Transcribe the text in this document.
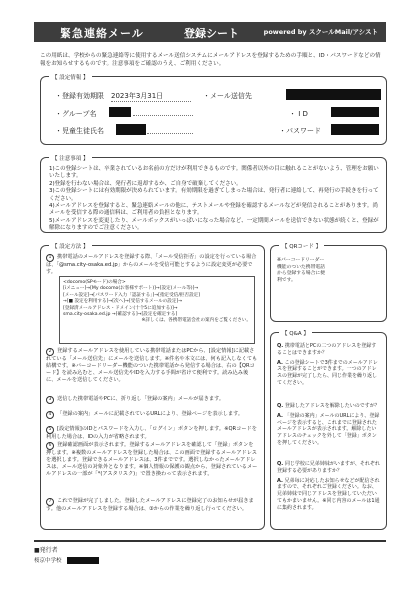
緊急連絡メール	登録シート	powered by スクールMail/アシスト
この用紙は、学校からの緊急連絡等に使用するメール送信システムにメールアドレスを登録するための手順と、ID・パスワードなどの情報をお知らせするものです。注意事項をご確認のうえ、ご利用ください。
【 設定情報 】
・登録有効期限 2023年3月31日	・メール送信先
・グループ名	・ I D
・児童生徒氏名	・パスワード
【 注意事項 】

1)この登録シートは、卒業されているお名前の方だけが利用できるものです。関係者以外の目に触れることがないよう、管理をお願いいたします。

2)登録を行わない場合は、発行者に返却するか、ご自身で破棄してください。

3)この登録シートには有効期限が決められています。有効期限を過ぎてしまった場合は、発行者に連絡して、再発行の手続きを行ってください。

4)メールアドレスを登録すると、緊急連絡メールの他に、テストメールや登録を確認するメールなどが発信されることがあります。尚メールを受信する際の通信料は、ご利用者の負担となります。

5)メールアドレスを変更したり、メールボックスがいっぱいになった場合など、一定期間メールを送信できない状態が続くと、登録が解除になりますのでご注意ください。

【 設定方法 】
1 携帯電話のメールアドレスを登録する際、「メール受信拒否」の設定を行っている場合は、「@sma.city-osaka.ed.jp」からのメールを受信可能とするように設定変更が必要です。

<docomo(SPモード)の場合>

[iメニュー]→[My docomo(お客様サポート)]→[設定(メール等)]→

[メール設定]→[パスワード入力「認証する」]→[指定受信/拒否設定]

→[■ 設定を利用する]→[次へ]→[受信するメールの設定]→

[登録済メールアドレス・ドメイン(十个5に追加する)]→

sma.city-osaka.ed.jp →[確認する]→[設定を確定する]

※詳しくは、各携帯電話会社の案内をご覧ください。

2 登録するメールアドレスを使用している携帯電話またはPCから、[設定情報]に記載されている「メール送信先」にメールを送信します。※件名や本文には、何も記入しなくても結構です。※バーコードリーダー機能のついた携帯電話から発信する場合は、右の【QRコード】を読み込むと、メール送信先やIDを入力する手間が省けて便利です。読み込み後に、メールを送信してください。
3 送信した携帯電話やPCに、折り返し「登録の案内」メールが届きます。
4 「登録の案内」メールに記載されているURLにより、登録ページを表示します。
5 [設定情報]のIDとパスワードを入力し、「ログイン」ボタンを押します。※QRコードを利用した場合は、IDの入力が省略されます。
6 登録確認画面が表示されます。登録するメールアドレスを確認して「登録」ボタンを押します。※複数のメールアドレスを登録した場合は、この画面で登録するメールアドレスを選択します。登録できるメールアドレスは、3件までです。選択しなかったメールアドレスは、メール送信の対象外となります。※個人情報の保護の観点から、登録されているメールアドレスの一部が「*(アスタリスク)」で置き換わって表示されます。
7 これで登録が完了しました。登録したメールアドレスに登録完了のお知らせが届きます。他のメールアドレスを登録する場合は、③からの作業を繰り返し行ってください。
【 QRコード 】
※バーコードリーダー機能のついた携帯電話から登録する場合に便利です。
【 Q&A 】

Q. 携帯電話とPCの二つのアドレスを登録することはできますか？

A. この登録シートで3件までのメールアドレスを登録することができます。一つのアドレスの登録が完了したら、同じ作業を繰り返してください。

Q. 登録したアドレスを解除したいのですが？

A. 「登録の案内」メールのURLにより、登録ページを表示すると、これまでに登録されたメールアドレスが表示されます。解除したいアドレスのチェックを外して「登録」ボタンを押してください。

Q. 同じ学校に兄弟姉妹がいますが、それぞれ登録する必要がありますか？

A. 兄弟毎に対応したお知らせなどが配信されますので、それぞれご登録ください。なお、兄弟姉妹で同じアドレスを登録していただいてもかまいません。※同じ内容のメールは1通に集約されます。

■発行者
桜京中学校
